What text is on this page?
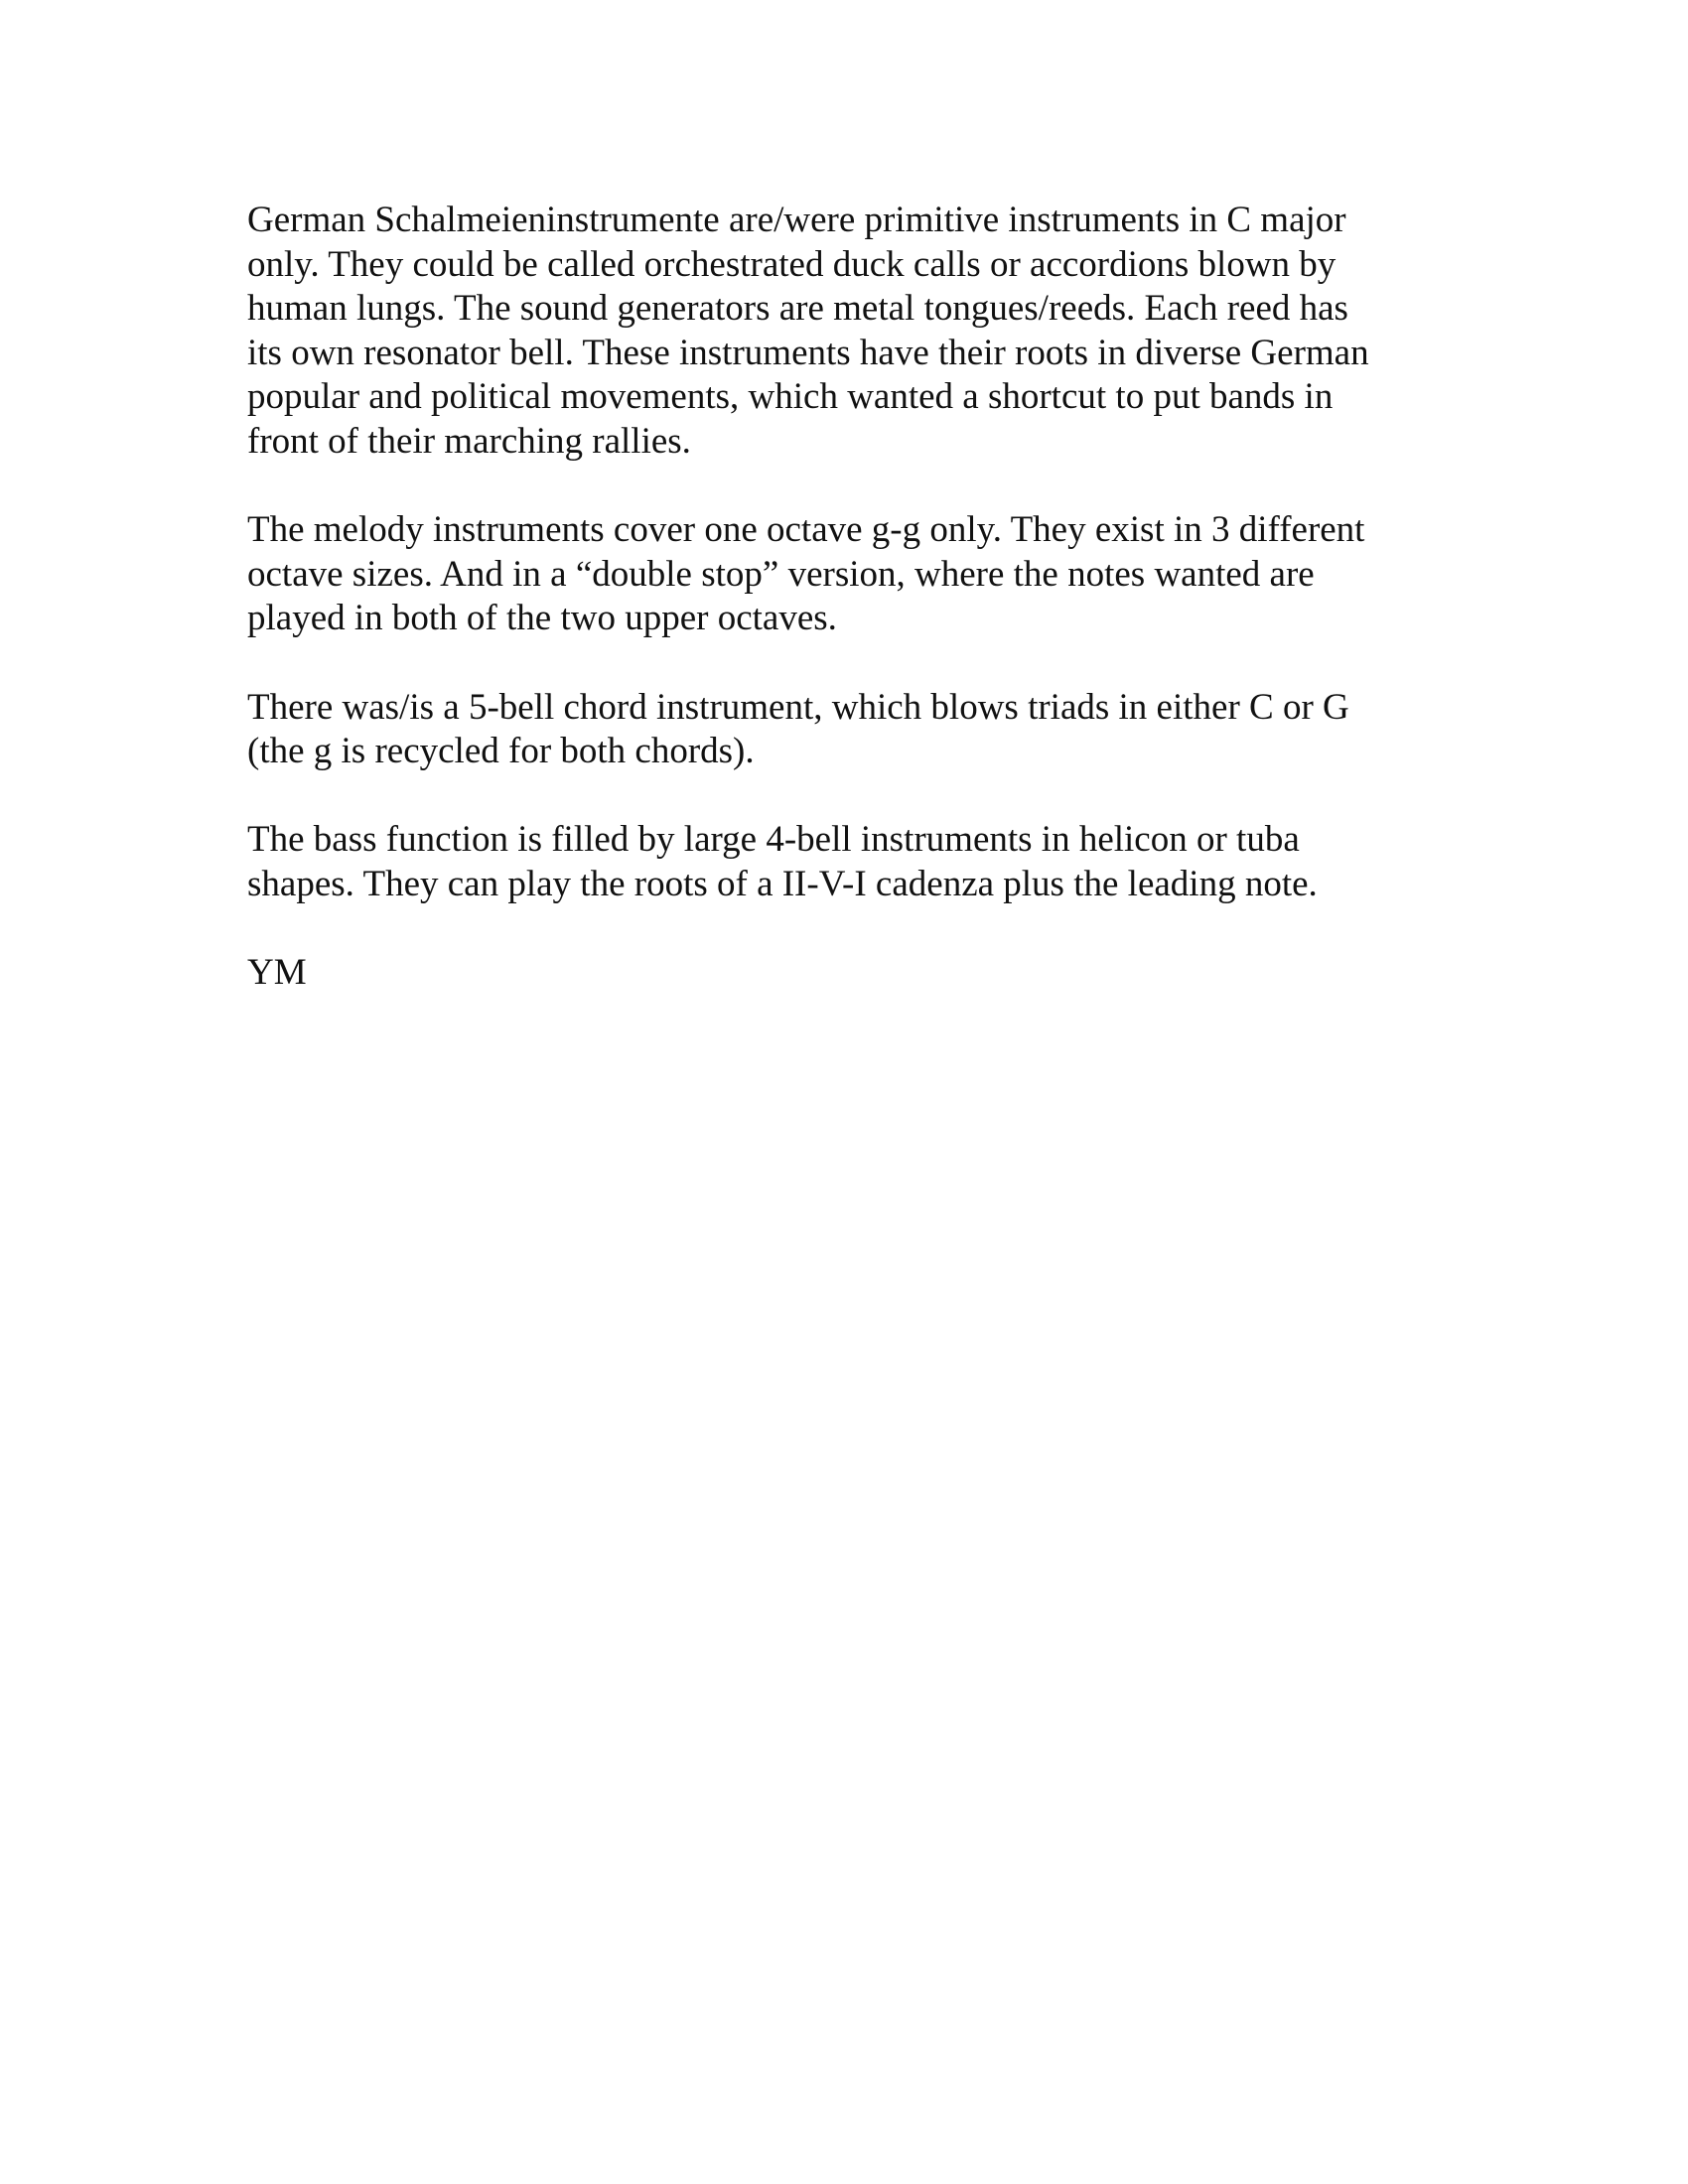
German Schalmeieninstrumente are/were primitive instruments in C major
only. They could be called orchestrated duck calls or accordions blown by
human lungs. The sound generators are metal tongues/reeds. Each reed has
its own resonator bell. These instruments have their roots in diverse German
popular and political movements, which wanted a shortcut to put bands in
front of their marching rallies.

The melody instruments cover one octave g-g only. They exist in 3 different
octave sizes. And in a “double stop” version, where the notes wanted are
played in both of the two upper octaves.

There was/is a 5-bell chord instrument, which blows triads in either C or G
(the g is recycled for both chords).

The bass function is filled by large 4-bell instruments in helicon or tuba
shapes. They can play the roots of a II-V-I cadenza plus the leading note.

YM
